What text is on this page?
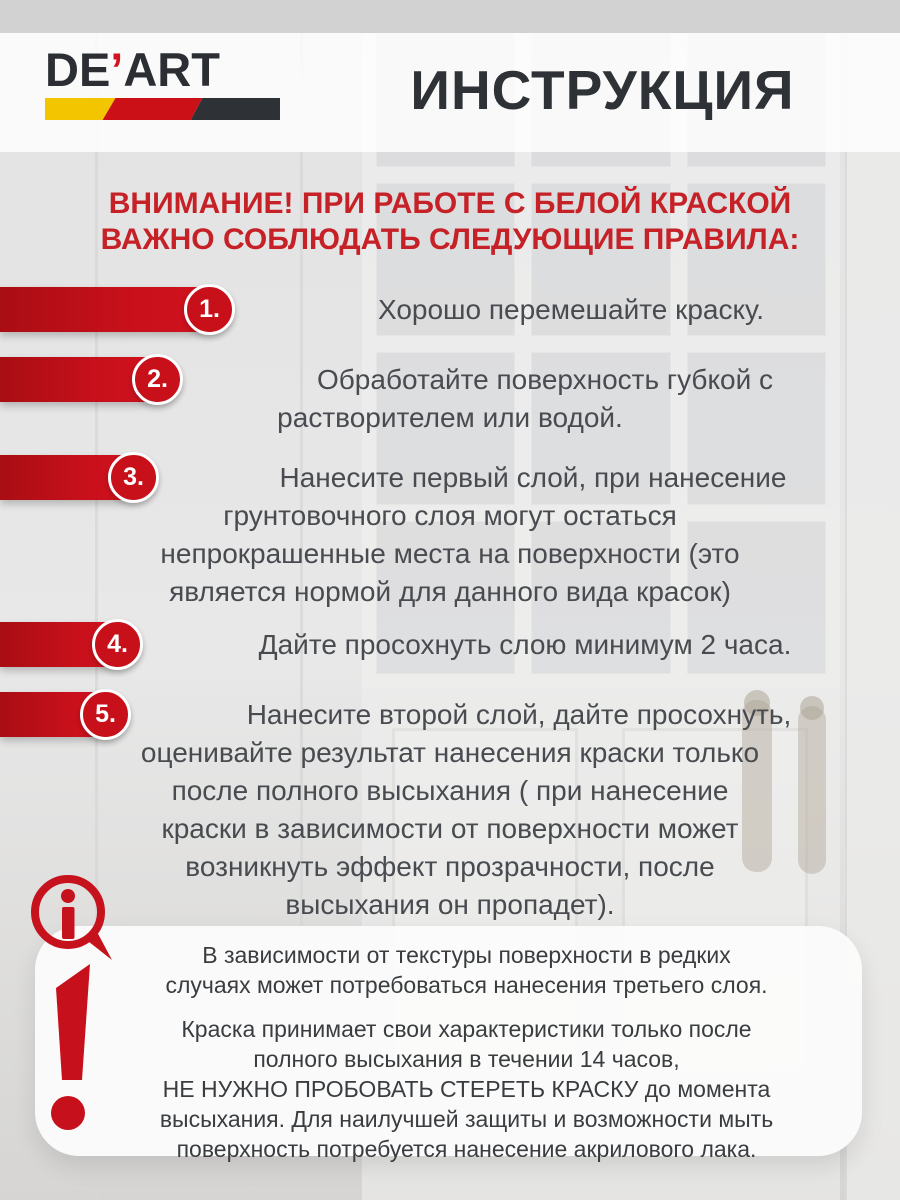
DE’ART	ИНСТРУКЦИЯ
ВНИМАНИЕ! ПРИ РАБОТЕ С БЕЛОЙ КРАСКОЙ
ВАЖНО СОБЛЮДАТЬ СЛЕДУЮЩИЕ ПРАВИЛА:
1.	Хорошо перемешайте краску.
2.	Обработайте поверхность губкой с
растворителем или водой.
3.	Нанесите первый слой, при нанесение
грунтовочного слоя могут остаться
непрокрашенные места на поверхности (это
является нормой для данного вида красок)
4.	Дайте просохнуть слою минимум 2 часа.
5.	Нанесите второй слой, дайте просохнуть,
оценивайте результат нанесения краски только
после полного высыхания ( при нанесение
краски в зависимости от поверхности может
возникнуть эффект прозрачности, после
высыхания он пропадет).
В зависимости от текстуры поверхности в редких
случаях может потребоваться нанесения третьего слоя.
Краска принимает свои характеристики только после
полного высыхания в течении 14 часов,
НЕ НУЖНО ПРОБОВАТЬ СТЕРЕТЬ КРАСКУ до момента
высыхания. Для наилучшей защиты и возможности мыть
поверхность потребуется нанесение акрилового лака.
